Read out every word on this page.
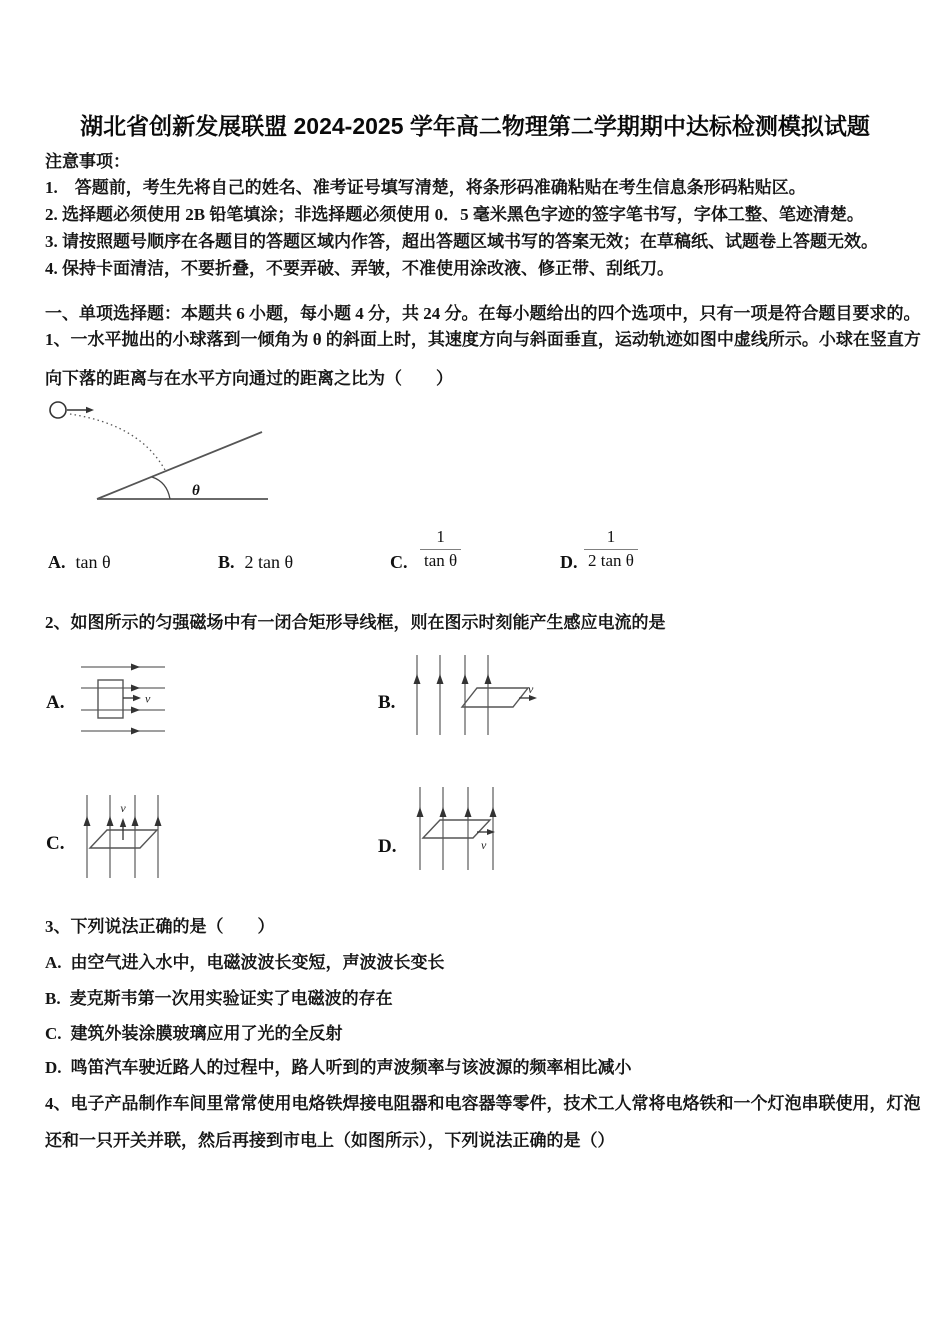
湖北省创新发展联盟 2024-2025 学年高二物理第二学期期中达标检测模拟试题
注意事项：
1.　答题前，考生先将自己的姓名、准考证号填写清楚，将条形码准确粘贴在考生信息条形码粘贴区。
2. 选择题必须使用 2B 铅笔填涂；非选择题必须使用 0．5 毫米黑色字迹的签字笔书写，字体工整、笔迹清楚。
3. 请按照题号顺序在各题目的答题区域内作答，超出答题区域书写的答案无效；在草稿纸、试题卷上答题无效。
4. 保持卡面清洁，不要折叠，不要弄破、弄皱，不准使用涂改液、修正带、刮纸刀。
一、单项选择题：本题共 6 小题，每小题 4 分，共 24 分。在每小题给出的四个选项中，只有一项是符合题目要求的。
1、一水平抛出的小球落到一倾角为 θ 的斜面上时，其速度方向与斜面垂直，运动轨迹如图中虚线所示。小球在竖直方
向下落的距离与在水平方向通过的距离之比为（　　）
θ
A. tan θ	B. 2 tan θ	C. $\frac{1}{\text{tan θ}}$	D. $\frac{1}{\text{2 tan θ}}$
2、如图所示的匀强磁场中有一闭合矩形导线框，则在图示时刻能产生感应电流的是
A.	v	B.
v
C.
v
D.	v
3、下列说法正确的是（　　）
A. 由空气进入水中，电磁波波长变短，声波波长变长
B. 麦克斯韦第一次用实验证实了电磁波的存在
C. 建筑外装涂膜玻璃应用了光的全反射
D. 鸣笛汽车驶近路人的过程中，路人听到的声波频率与该波源的频率相比减小
4、电子产品制作车间里常常使用电烙铁焊接电阻器和电容器等零件，技术工人常将电烙铁和一个灯泡串联使用，灯泡
还和一只开关并联，然后再接到市电上（如图所示），下列说法正确的是（）
